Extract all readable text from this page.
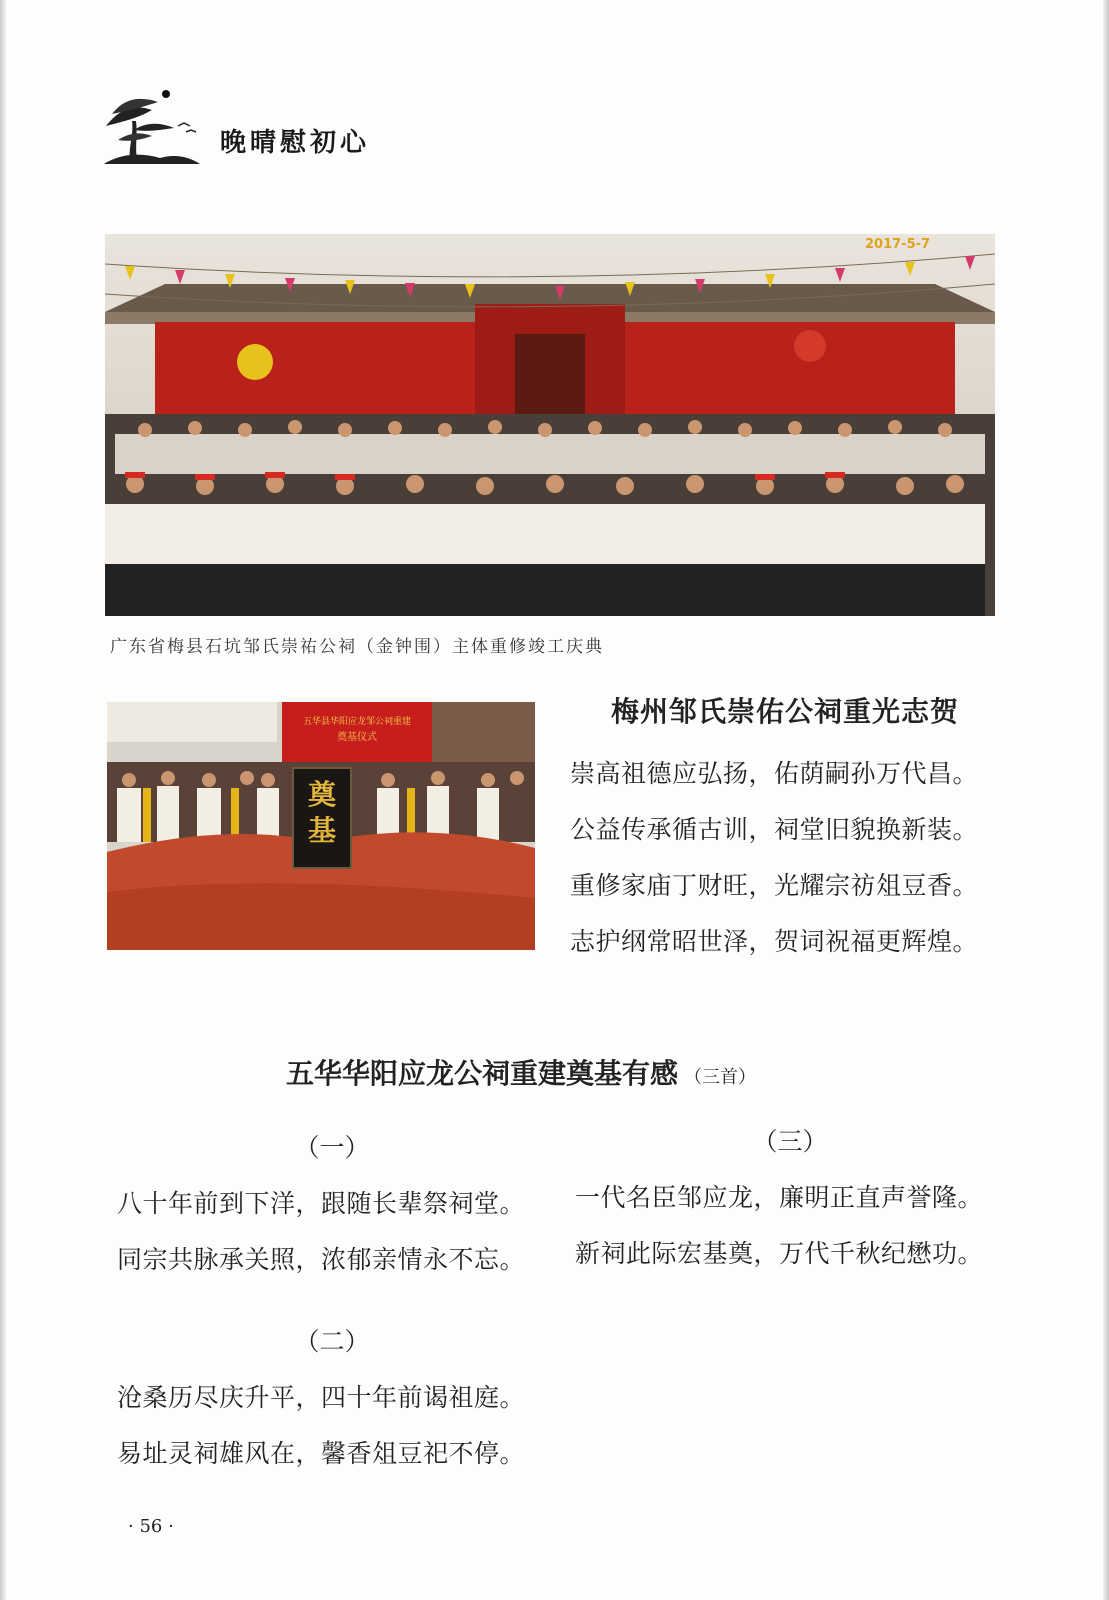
晚晴慰初心
2017-5-7
广东省梅县石坑邹氏崇祐公祠（金钟围）主体重修竣工庆典
五华县华阳应龙邹公祠重建
奠基仪式
奠
基
梅州邹氏崇佑公祠重光志贺
崇高祖德应弘扬，佑荫嗣孙万代昌。
公益传承循古训，祠堂旧貌换新装。
重修家庙丁财旺，光耀宗祊俎豆香。
志护纲常昭世泽，贺词祝福更辉煌。
五华华阳应龙公祠重建奠基有感 （三首）
（一）
八十年前到下洋，跟随长辈祭祠堂。
同宗共脉承关照，浓郁亲情永不忘。
（二）
沧桑历尽庆升平，四十年前谒祖庭。
易址灵祠雄风在，馨香俎豆祀不停。
（三）
一代名臣邹应龙，廉明正直声誉隆。
新祠此际宏基奠，万代千秋纪懋功。
· 56 ·
